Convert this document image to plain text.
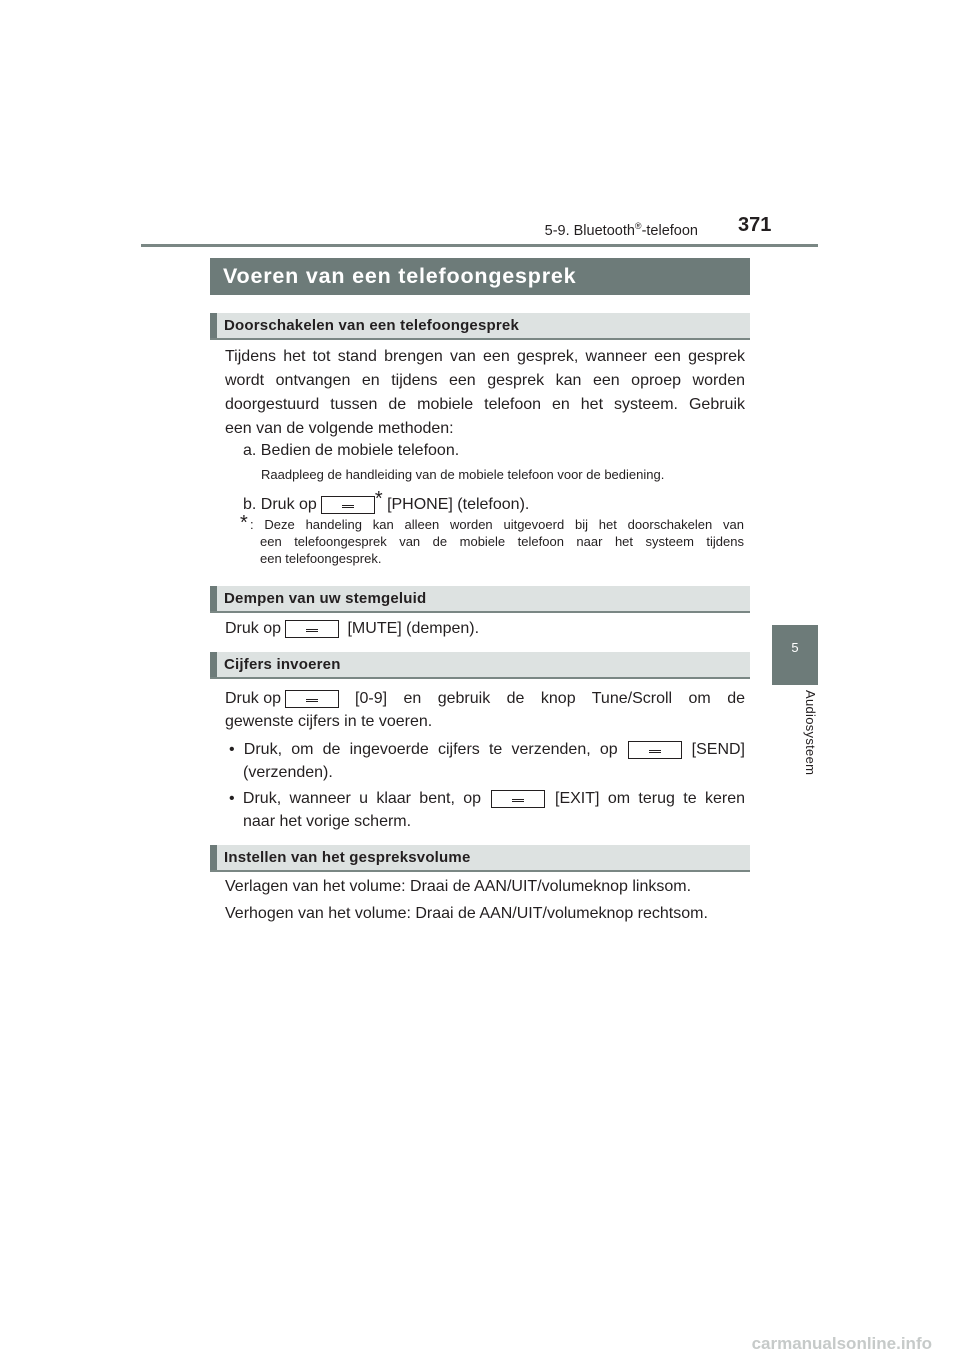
5-9. Bluetooth®-telefoon 371
5
Audiosysteem
Voeren van een telefoongesprek
Doorschakelen van een telefoongesprek
Tijdens het tot stand brengen van een gesprek, wanneer een gesprek
wordt ontvangen en tijdens een gesprek kan een oproep worden
doorgestuurd tussen de mobiele telefoon en het systeem. Gebruik
een van de volgende methoden:
a. Bedien de mobiele telefoon.
Raadpleeg de handleiding van de mobiele telefoon voor de bediening.
b. Druk op	* [PHONE] (telefoon).
* : Deze handeling kan alleen worden uitgevoerd bij het doorschakelen van
een telefoongesprek van de mobiele telefoon naar het systeem tijdens
een telefoongesprek.
Dempen van uw stemgeluid
Druk op	[MUTE] (dempen).
Cijfers invoeren
Druk op	[0-9] en gebruik de knop Tune/Scroll om de
gewenste cijfers in te voeren.
• Druk, om de ingevoerde cijfers te verzenden, op	[SEND]
(verzenden).
• Druk, wanneer u klaar bent, op	[EXIT] om terug te keren
naar het vorige scherm.
Instellen van het gespreksvolume
Verlagen van het volume: Draai de AAN/UIT/volumeknop linksom.
Verhogen van het volume: Draai de AAN/UIT/volumeknop rechtsom.
carmanualsonline.info
